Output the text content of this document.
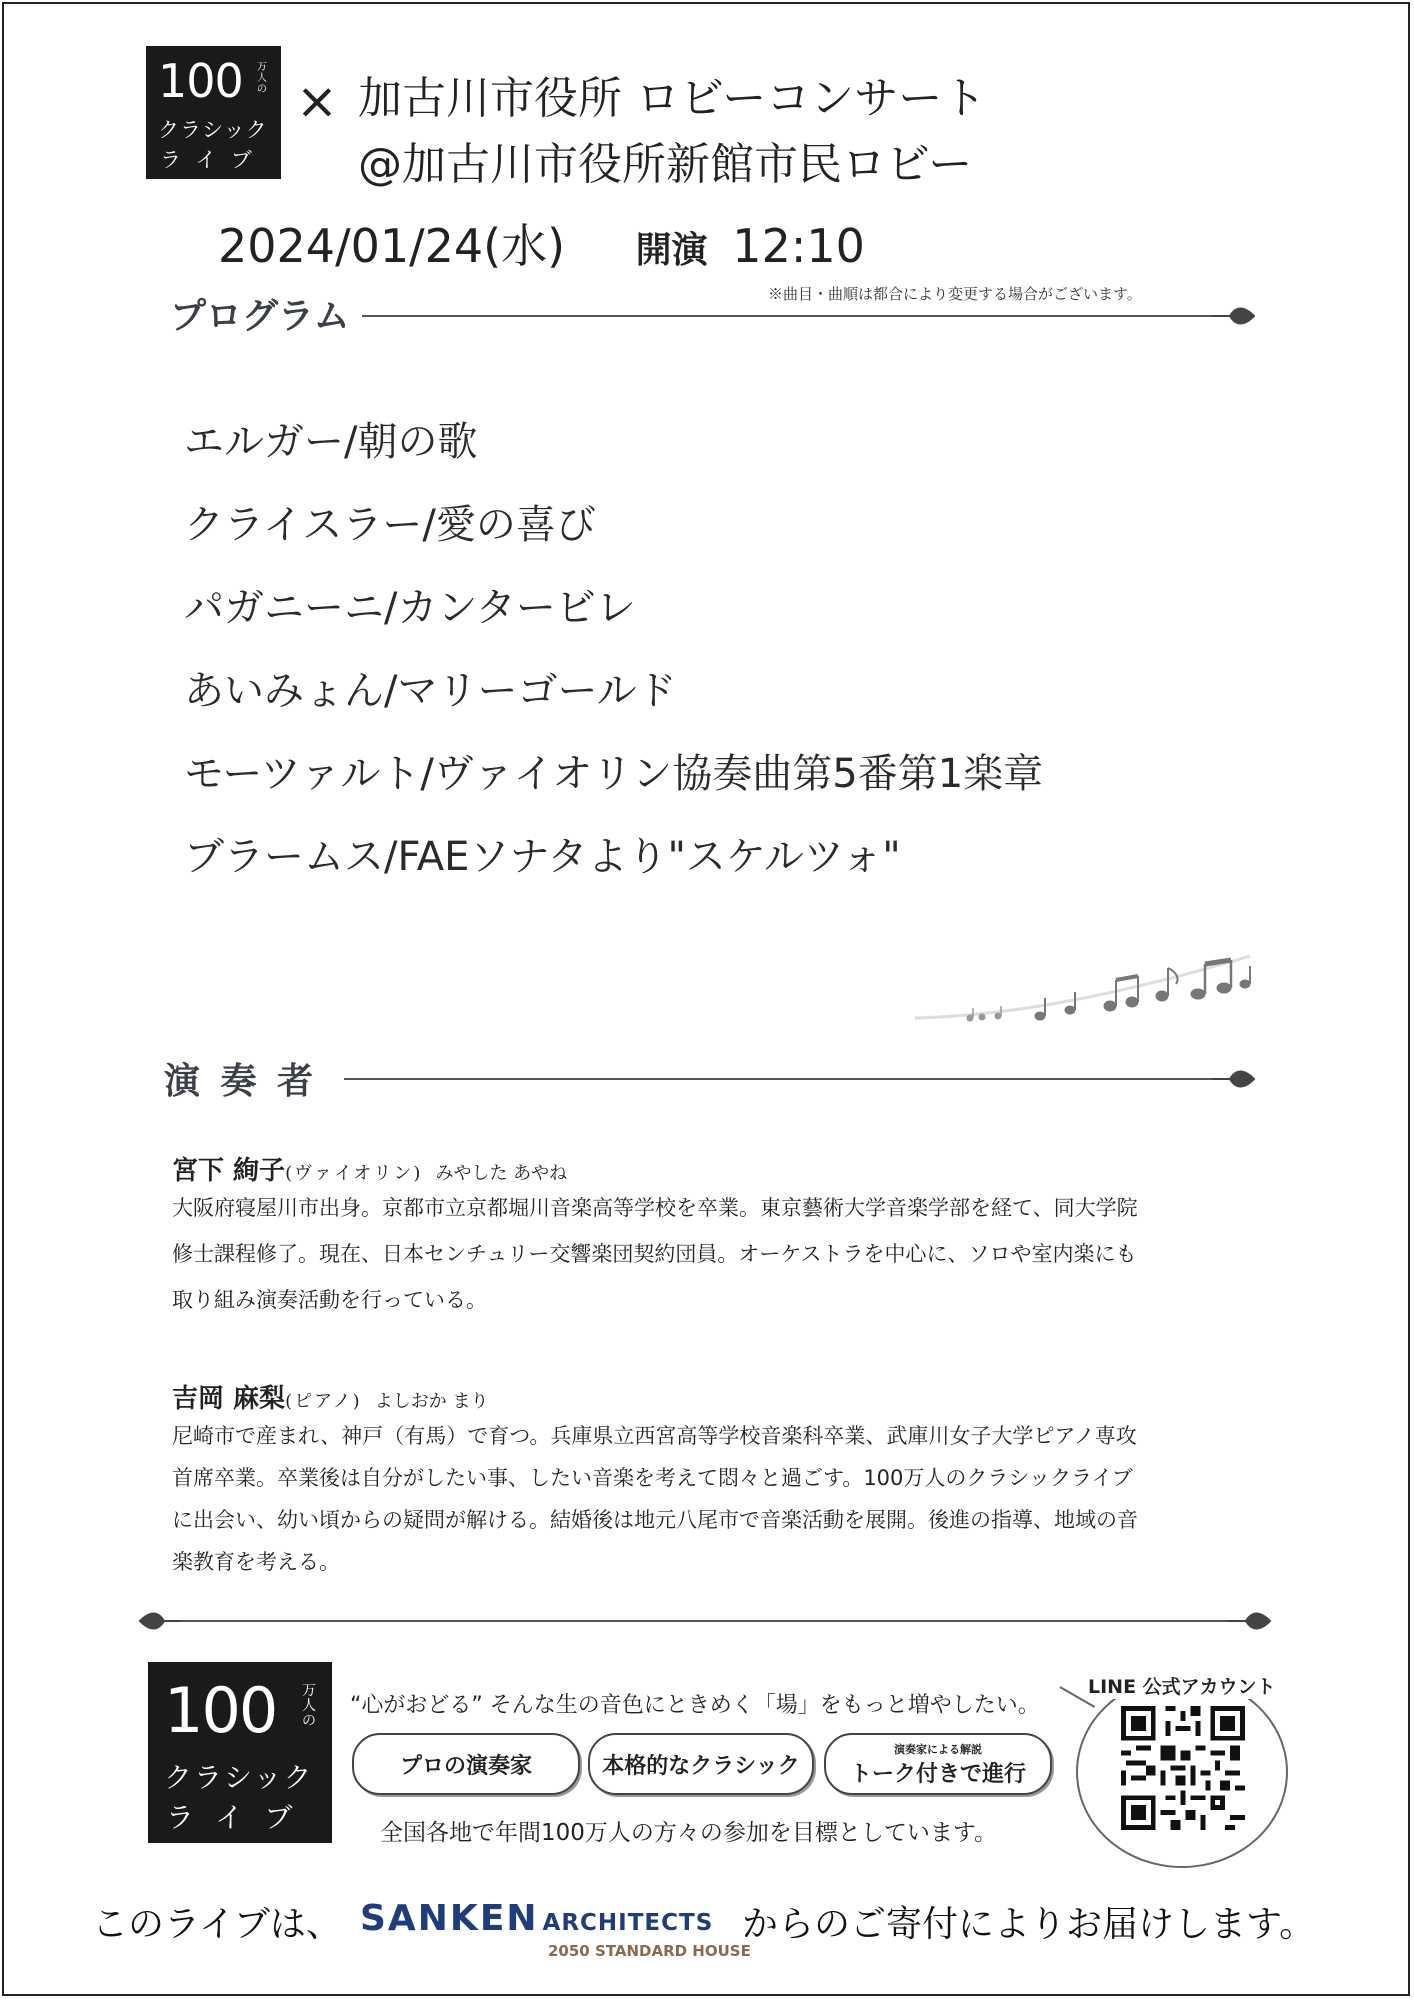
100 万人の
クラシック
ライブ
× 加古川市役所 ロビーコンサート
@加古川市役所新館市民ロビー
2024/01/24(水) 開演 12:10
プログラム
※曲目・曲順は都合により変更する場合がございます。
エルガー/朝の歌
クライスラー/愛の喜び
パガニーニ/カンタービレ
あいみょん/マリーゴールド
モーツァルト/ヴァイオリン協奏曲第5番第1楽章
ブラームス/FAEソナタより"スケルツォ"
演 奏 者
宮下 絢子(ヴァイオリン) みやした あやね
大阪府寝屋川市出身。京都市立京都堀川音楽高等学校を卒業。東京藝術大学音楽学部を経て、同大学院
修士課程修了。現在、日本センチュリー交響楽団契約団員。オーケストラを中心に、ソロや室内楽にも
取り組み演奏活動を行っている。
吉岡 麻梨(ピアノ) よしおか まり
尼崎市で産まれ、神戸（有馬）で育つ。兵庫県立西宮高等学校音楽科卒業、武庫川女子大学ピアノ専攻
首席卒業。卒業後は自分がしたい事、したい音楽を考えて悶々と過ごす。100万人のクラシックライブ
に出会い、幼い頃からの疑問が解ける。結婚後は地元八尾市で音楽活動を展開。後進の指導、地域の音
楽教育を考える。
100 万人の
クラシック
ライブ
“心がおどる” そんな生の音色にときめく「場」をもっと増やしたい。
プロの演奏家	本格的なクラシック
演奏家による解説
トーク付きで進行
全国各地で年間100万人の方々の参加を目標としています。
LINE 公式アカウント
このライブは、 SANKEN ARCHITECTS
2050 STANDARD HOUSE
からのご寄付によりお届けします。
